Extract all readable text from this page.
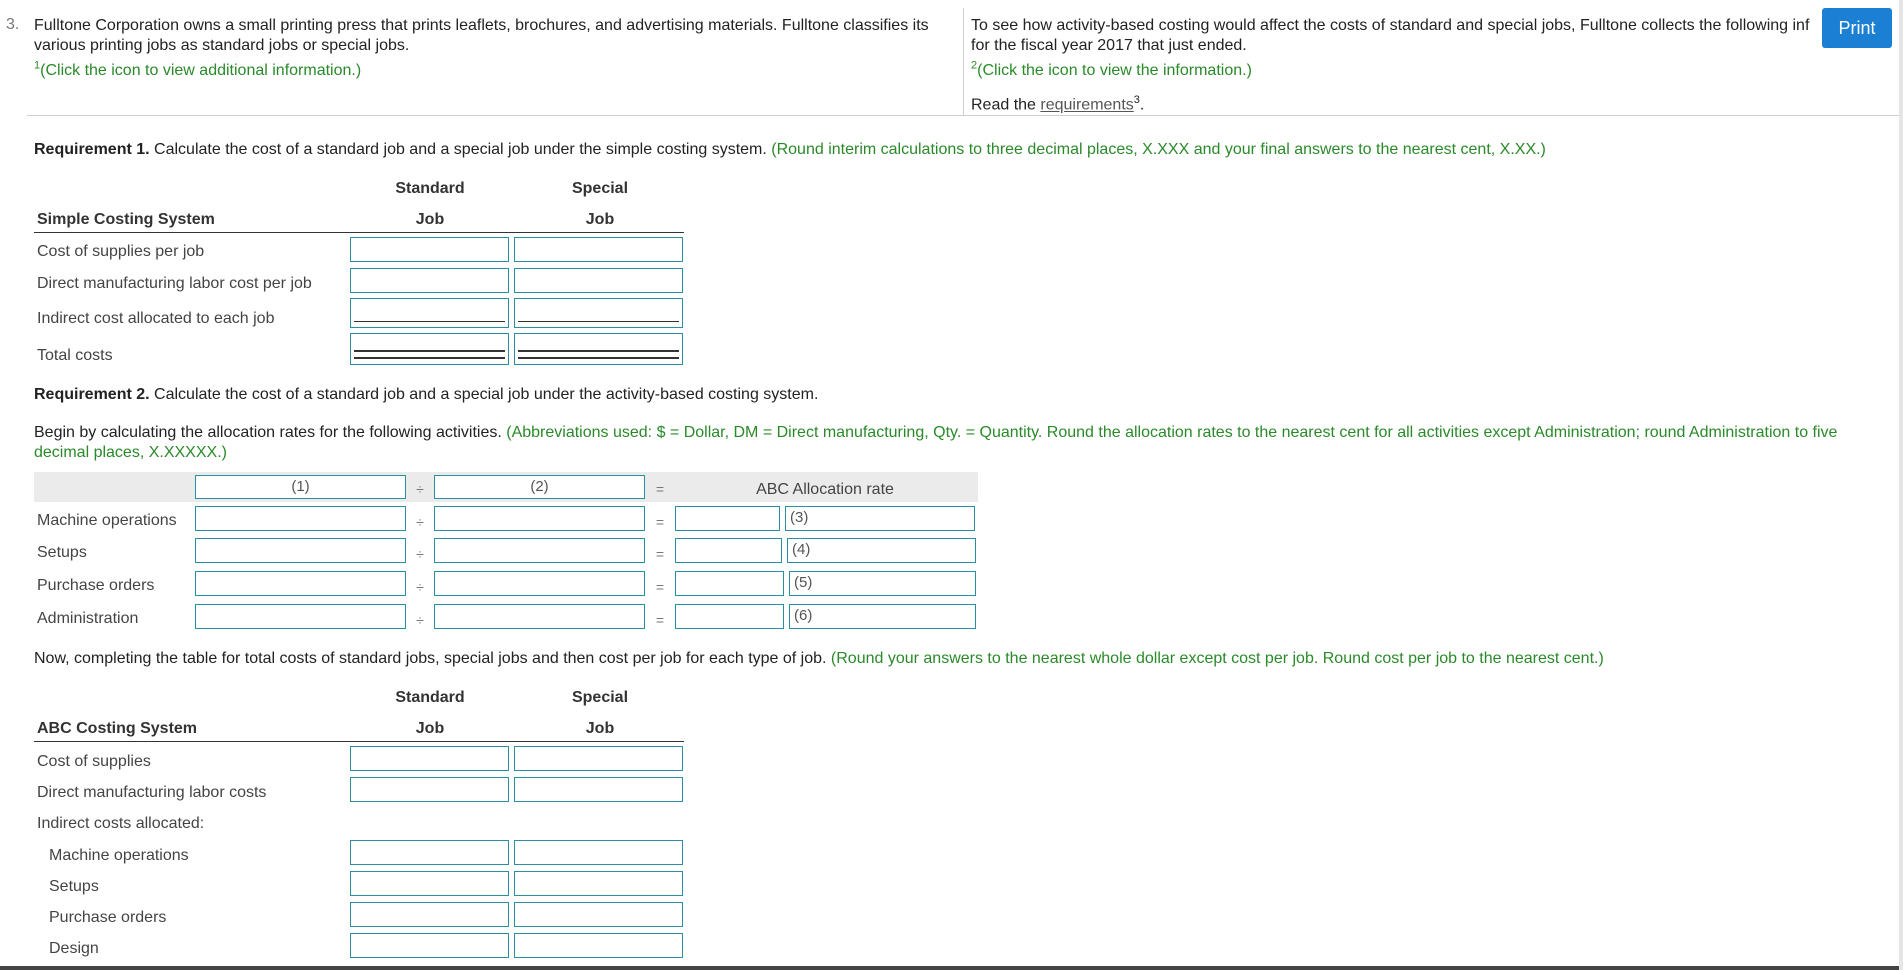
3. Fulltone Corporation owns a small printing press that prints leaflets, brochures, and advertising materials. Fulltone classifies its various printing jobs as standard jobs or special jobs.
$^1$(Click the icon to view additional information.)
To see how activity-based costing would affect the costs of standard and special jobs, Fulltone collects the following inf for the fiscal year 2017 that just ended.
$^2$(Click the icon to view the information.)

Read the requirements$^3$.
Print
Requirement 1. Calculate the cost of a standard job and a special job under the simple costing system. (Round interim calculations to three decimal places, X.XXX and your final answers to the nearest cent, X.XX.)
Standard	Special
Simple Costing System	Job	Job
Cost of supplies per job
Direct manufacturing labor cost per job
Indirect cost allocated to each job
Total costs
Requirement 2. Calculate the cost of a standard job and a special job under the activity-based costing system.
Begin by calculating the allocation rates for the following activities. (Abbreviations used: $ = Dollar, DM = Direct manufacturing, Qty. = Quantity. Round the allocation rates to the nearest cent for all activities except Administration; round Administration to five decimal places, X.XXXXX.)
(1)	÷	(2)	=	ABC Allocation rate
Machine operations	÷	=	(3)
Setups	÷	=	(4)
Purchase orders	÷	=	(5)
Administration	÷	=	(6)
Now, completing the table for total costs of standard jobs, special jobs and then cost per job for each type of job. (Round your answers to the nearest whole dollar except cost per job. Round cost per job to the nearest cent.)
Standard	Special
ABC Costing System	Job	Job
Cost of supplies
Direct manufacturing labor costs
Indirect costs allocated:
Machine operations
Setups
Purchase orders
Design
